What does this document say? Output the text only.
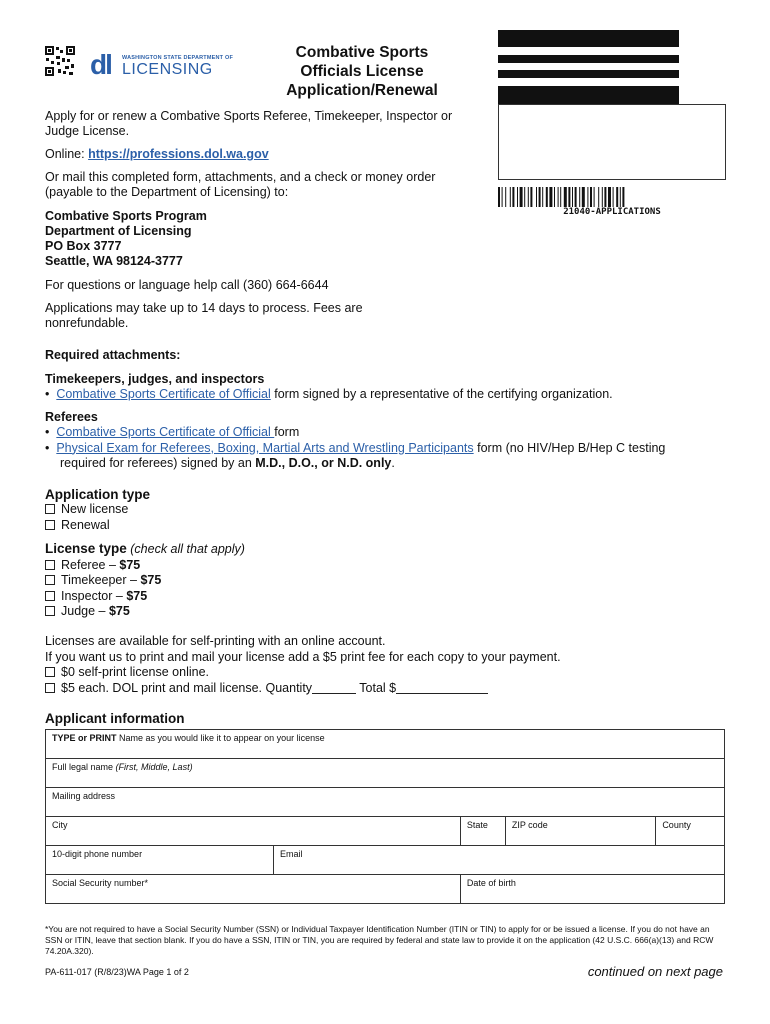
dl	WASHINGTON STATE DEPARTMENT OF
LICENSING
Combative Sports
Officials License
Application/Renewal
21040-APPLICATIONS

Apply for or renew a Combative Sports Referee, Timekeeper, Inspector or Judge License.

Online: https://professions.dol.wa.gov

Or mail this completed form, attachments, and a check or money order (payable to the Department of Licensing) to:

Combative Sports Program
Department of Licensing
PO Box 3777
Seattle, WA 98124-3777

For questions or language help call (360) 664-6644

Applications may take up to 14 days to process. Fees are nonrefundable.

Required attachments:
Timekeepers, judges, and inspectors
•  Combative Sports Certificate of Official form signed by a representative of the certifying organization.
Referees
•  Combative Sports Certificate of Official form
•  Physical Exam for Referees, Boxing, Martial Arts and Wrestling Participants form (no HIV/Hep B/Hep C testing
required for referees) signed by an M.D., D.O., or N.D. only.
Application type
New license
Renewal
License type (check all that apply)
Referee – $75
Timekeeper – $75
Inspector – $75
Judge – $75
Licenses are available for self-printing with an online account.
If you want us to print and mail your license add a $5 print fee for each copy to your payment.
$0 self-print license online.
$5 each. DOL print and mail license. Quantity	Total $
Applicant information
TYPE or PRINT Name as you would like it to appear on your license				
Full legal name (First, Middle, Last)				
Mailing address				
City		State	ZIP code	County
10-digit phone number	Email			
Social Security number*		Date of birth		
*You are not required to have a Social Security Number (SSN) or Individual Taxpayer Identification Number (ITIN or TIN) to apply for or be issued a license. If you do not have an SSN or ITIN, leave that section blank. If you do have a SSN, ITIN or TIN, you are required by federal and state law to provide it on the application (42 U.S.C. 666(a)(13) and RCW 74.20A.320).
PA-611-017 (R/8/23)WA Page 1 of 2	continued on next page
